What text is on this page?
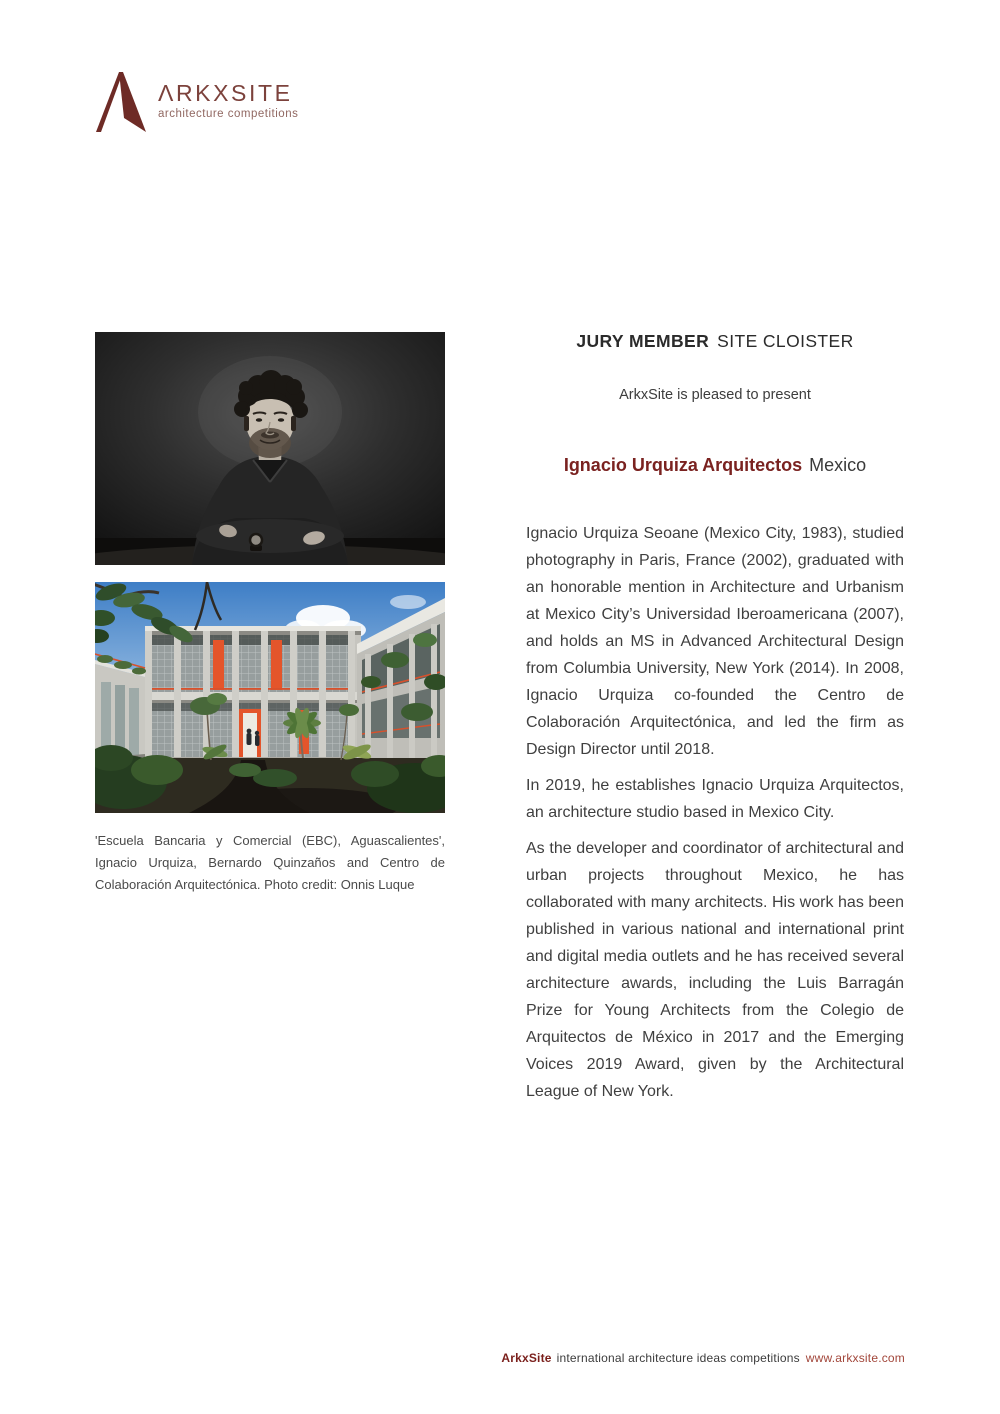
ΛRKXSITE
architecture competitions
'Escuela Bancaria y Comercial (EBC), Aguascalientes', Ignacio Urquiza, Bernardo Quinzaños and Centro de Colaboración Arquitectónica. Photo credit: Onnis Luque
JURY MEMBER SITE CLOISTER
ArkxSite is pleased to present
Ignacio Urquiza Arquitectos Mexico

Ignacio Urquiza Seoane (Mexico City, 1983), studied photography in Paris, France (2002), graduated with an honorable mention in Architecture and Urbanism at Mexico City’s Universidad Iberoamericana (2007), and holds an MS in Advanced Architectural Design from Columbia University, New York (2014). In 2008, Ignacio Urquiza co-founded the Centro de Colaboración Arquitectónica, and led the firm as Design Director until 2018.

In 2019, he establishes Ignacio Urquiza Arquitectos, an architecture studio based in Mexico City.

As the developer and coordinator of architectural and urban projects throughout Mexico, he has collaborated with many architects. His work has been published in various national and international print and digital media outlets and he has received several architecture awards, including the Luis Barragán Prize for Young Architects from the Colegio de Arquitectos de México in 2017 and the Emerging Voices 2019 Award, given by the Architectural League of New York.

ArkxSite international architecture ideas competitions www.arkxsite.com
